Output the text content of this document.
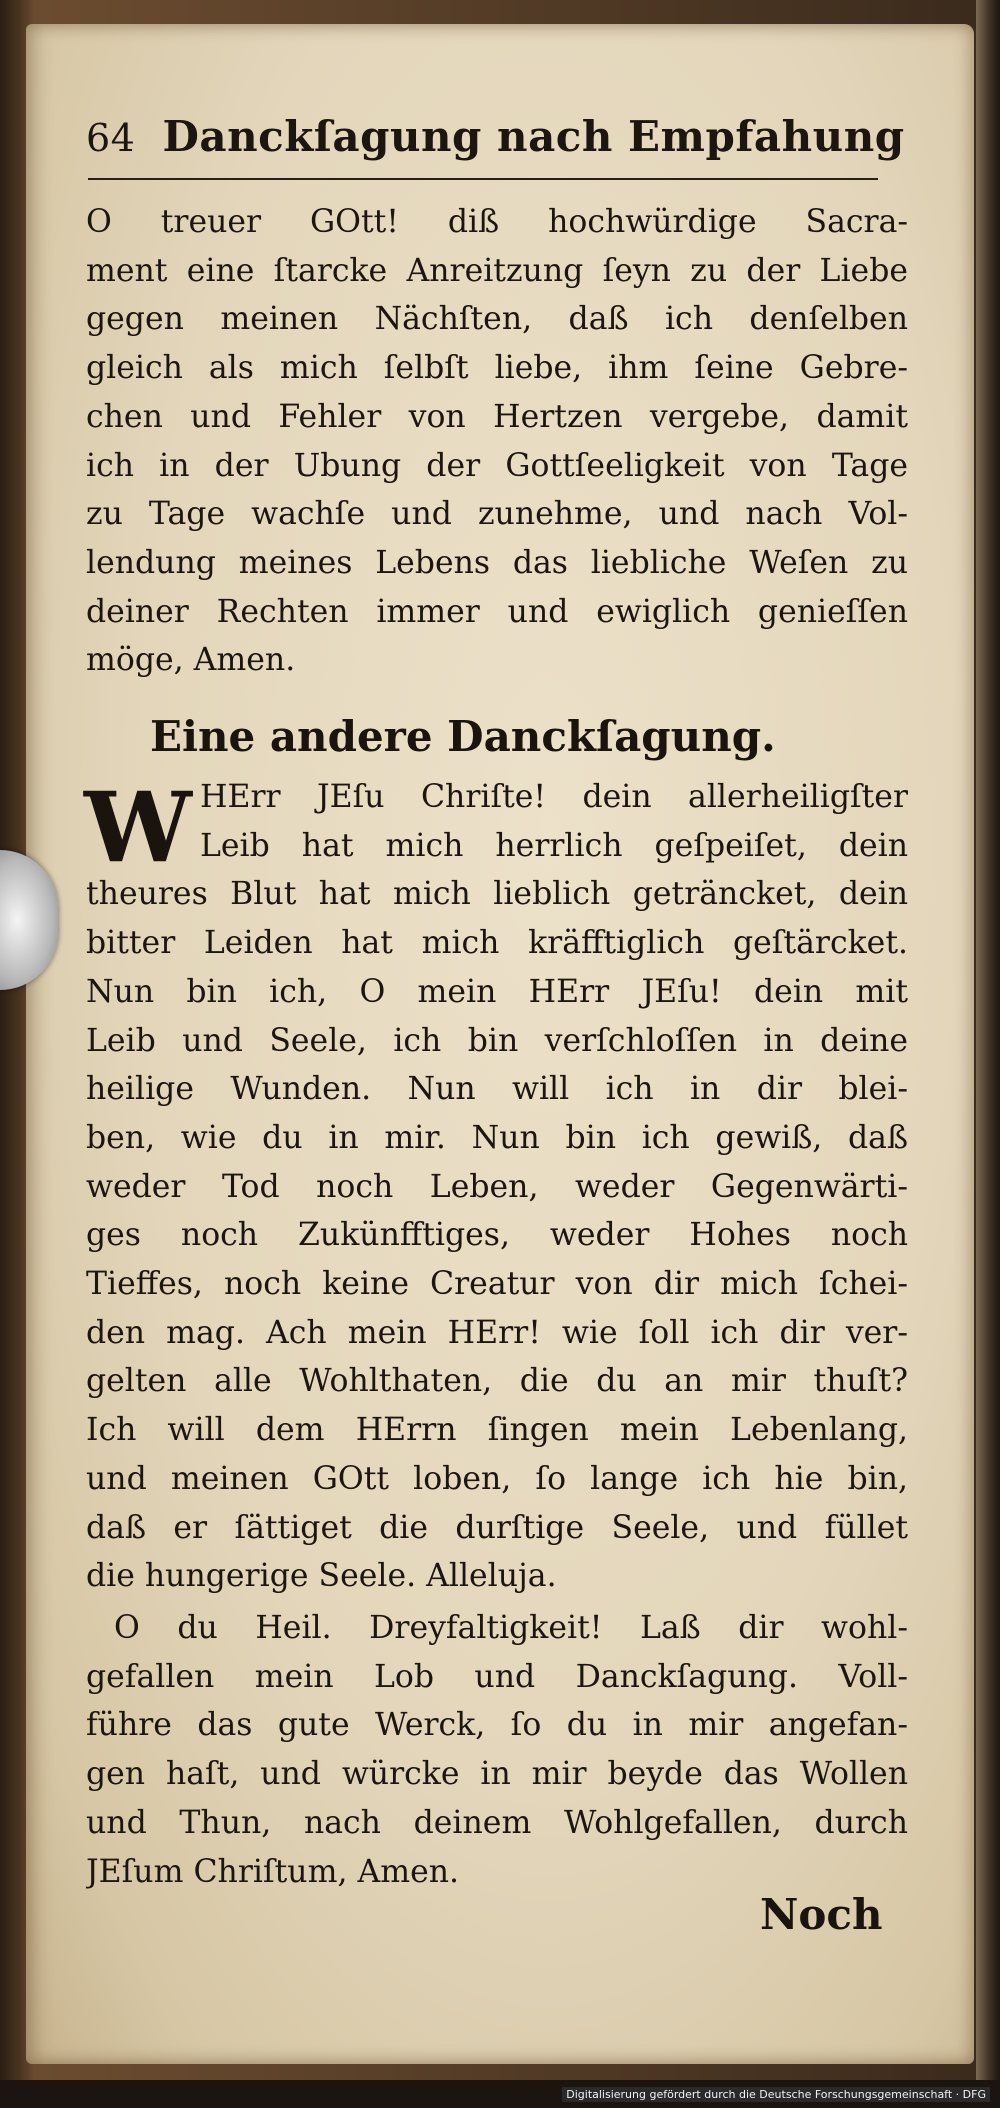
64 Danckſagung nach Empfahung
O treuer GOtt! diß hochwürdige Sacra-
ment eine ſtarcke Anreitzung ſeyn zu der Liebe
gegen meinen Nächſten, daß ich denſelben
gleich als mich ſelbſt liebe, ihm ſeine Gebre-
chen und Fehler von Hertzen vergebe, damit
ich in der Ubung der Gottſeeligkeit von Tage
zu Tage wachſe und zunehme, und nach Vol-
lendung meines Lebens das liebliche Weſen zu
deiner Rechten immer und ewiglich genieſſen
möge, Amen.
Eine andere Danckſagung.
W HErr JEſu Chriſte! dein allerheiligſter
Leib hat mich herrlich geſpeiſet, dein
theures Blut hat mich lieblich geträncket, dein
bitter Leiden hat mich kräfftiglich geſtärcket.
Nun bin ich, O mein HErr JEſu! dein mit
Leib und Seele, ich bin verſchloſſen in deine
heilige Wunden. Nun will ich in dir blei-
ben, wie du in mir. Nun bin ich gewiß, daß
weder Tod noch Leben, weder Gegenwärti-
ges noch Zukünfftiges, weder Hohes noch
Tieffes, noch keine Creatur von dir mich ſchei-
den mag. Ach mein HErr! wie ſoll ich dir ver-
gelten alle Wohlthaten, die du an mir thuſt?
Ich will dem HErrn ſingen mein Lebenlang,
und meinen GOtt loben, ſo lange ich hie bin,
daß er ſättiget die durſtige Seele, und füllet
die hungerige Seele. Alleluja.
O du Heil. Dreyfaltigkeit! Laß dir wohl-
gefallen mein Lob und Danckſagung. Voll-
führe das gute Werck, ſo du in mir angefan-
gen haſt, und würcke in mir beyde das Wollen
und Thun, nach deinem Wohlgefallen, durch
JEſum Chriſtum, Amen.
Noch
Digitalisierung gefördert durch die Deutsche Forschungsgemeinschaft · DFG
